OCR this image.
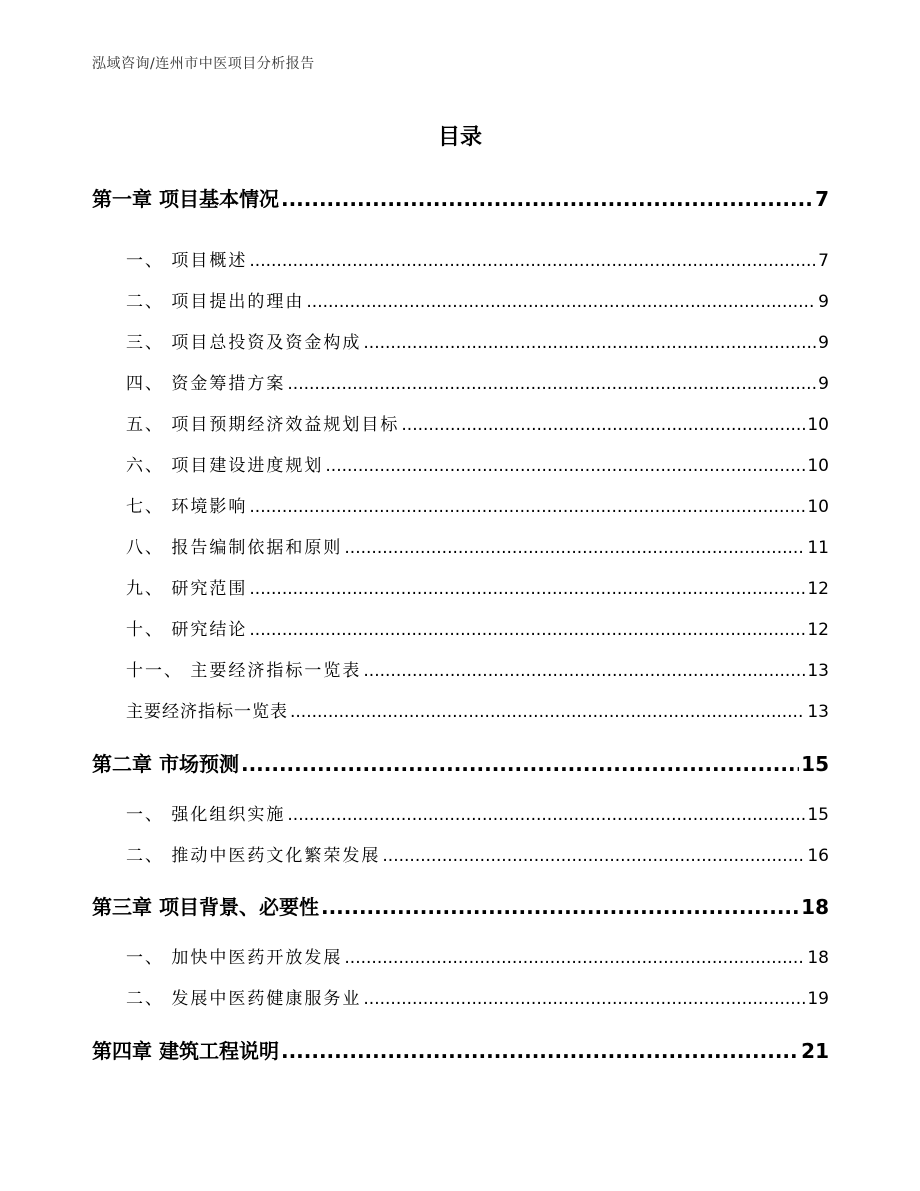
泓域咨询/连州市中医项目分析报告
目录
第一章 项目基本情况 .....	7
一、 项目概述 .....	7
二、 项目提出的理由 .....	9
三、 项目总投资及资金构成 .....	9
四、 资金筹措方案 .....	9
五、 项目预期经济效益规划目标 .....	10
六、 项目建设进度规划 .....	10
七、 环境影响 .....	10
八、 报告编制依据和原则 .....	11
九、 研究范围 .....	12
十、 研究结论 .....	12
十一、 主要经济指标一览表 .....	13
主要经济指标一览表 .....	13
第二章 市场预测 .....	15
一、 强化组织实施 .....	15
二、 推动中医药文化繁荣发展 .....	16
第三章 项目背景、必要性 .....	18
一、 加快中医药开放发展 .....	18
二、 发展中医药健康服务业 .....	19
第四章 建筑工程说明 .....	21
